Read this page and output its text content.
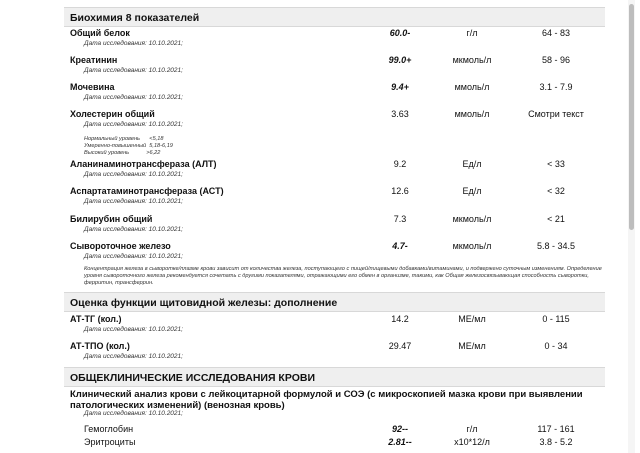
Биохимия 8 показателей
Общий белок	60.0-	г/л	64 - 83
Дата исследования: 10.10.2021;
Креатинин	99.0+	мкмоль/л	58 - 96
Дата исследования: 10.10.2021;
Мочевина	9.4+	ммоль/л	3.1 - 7.9
Дата исследования: 10.10.2021;
Холестерин общий	3.63	ммоль/л	Смотри текст
Дата исследования: 10.10.2021;
Нормальный уровень      <5,18
Умеренно-повышенный  5,18-6,19
Высокий уровень           >6,22
Аланинаминотрансфераза (АЛТ)	9.2	Ед/л	< 33
Дата исследования: 10.10.2021;
Аспартатаминотрансфераза (АСТ)	12.6	Ед/л	< 32
Дата исследования: 10.10.2021;
Билирубин общий	7.3	мкмоль/л	< 21
Дата исследования: 10.10.2021;
Сывороточное железо	4.7-	мкмоль/л	5.8 - 34.5
Дата исследования: 10.10.2021;
Концентрация железа в сыворотке/плазме крови зависит от количества железа, поступающего с пищей/пищевыми добавками/витаминами, и подвержено суточным изменениям. Определение уровня сывороточного железа рекомендуется сочетать с другими показателями, отражающими его обмен в организме, такими, как Общая железосвязывающая способность сыворотки, ферритин, трансферрин.
Оценка функции щитовидной железы: дополнение
АТ-ТГ (кол.)	14.2	МЕ/мл	0 - 115
Дата исследования: 10.10.2021;
АТ-ТПО (кол.)	29.47	МЕ/мл	0 - 34
Дата исследования: 10.10.2021;
ОБЩЕКЛИНИЧЕСКИЕ ИССЛЕДОВАНИЯ КРОВИ
Клинический анализ крови с лейкоцитарной формулой и СОЭ (с микроскопией мазка крови при выявлении патологических изменений) (венозная кровь)
Дата исследования: 10.10.2021;
Гемоглобин	92--	г/л	117 - 161
Эритроциты	2.81--	х10*12/л	3.8 - 5.2
